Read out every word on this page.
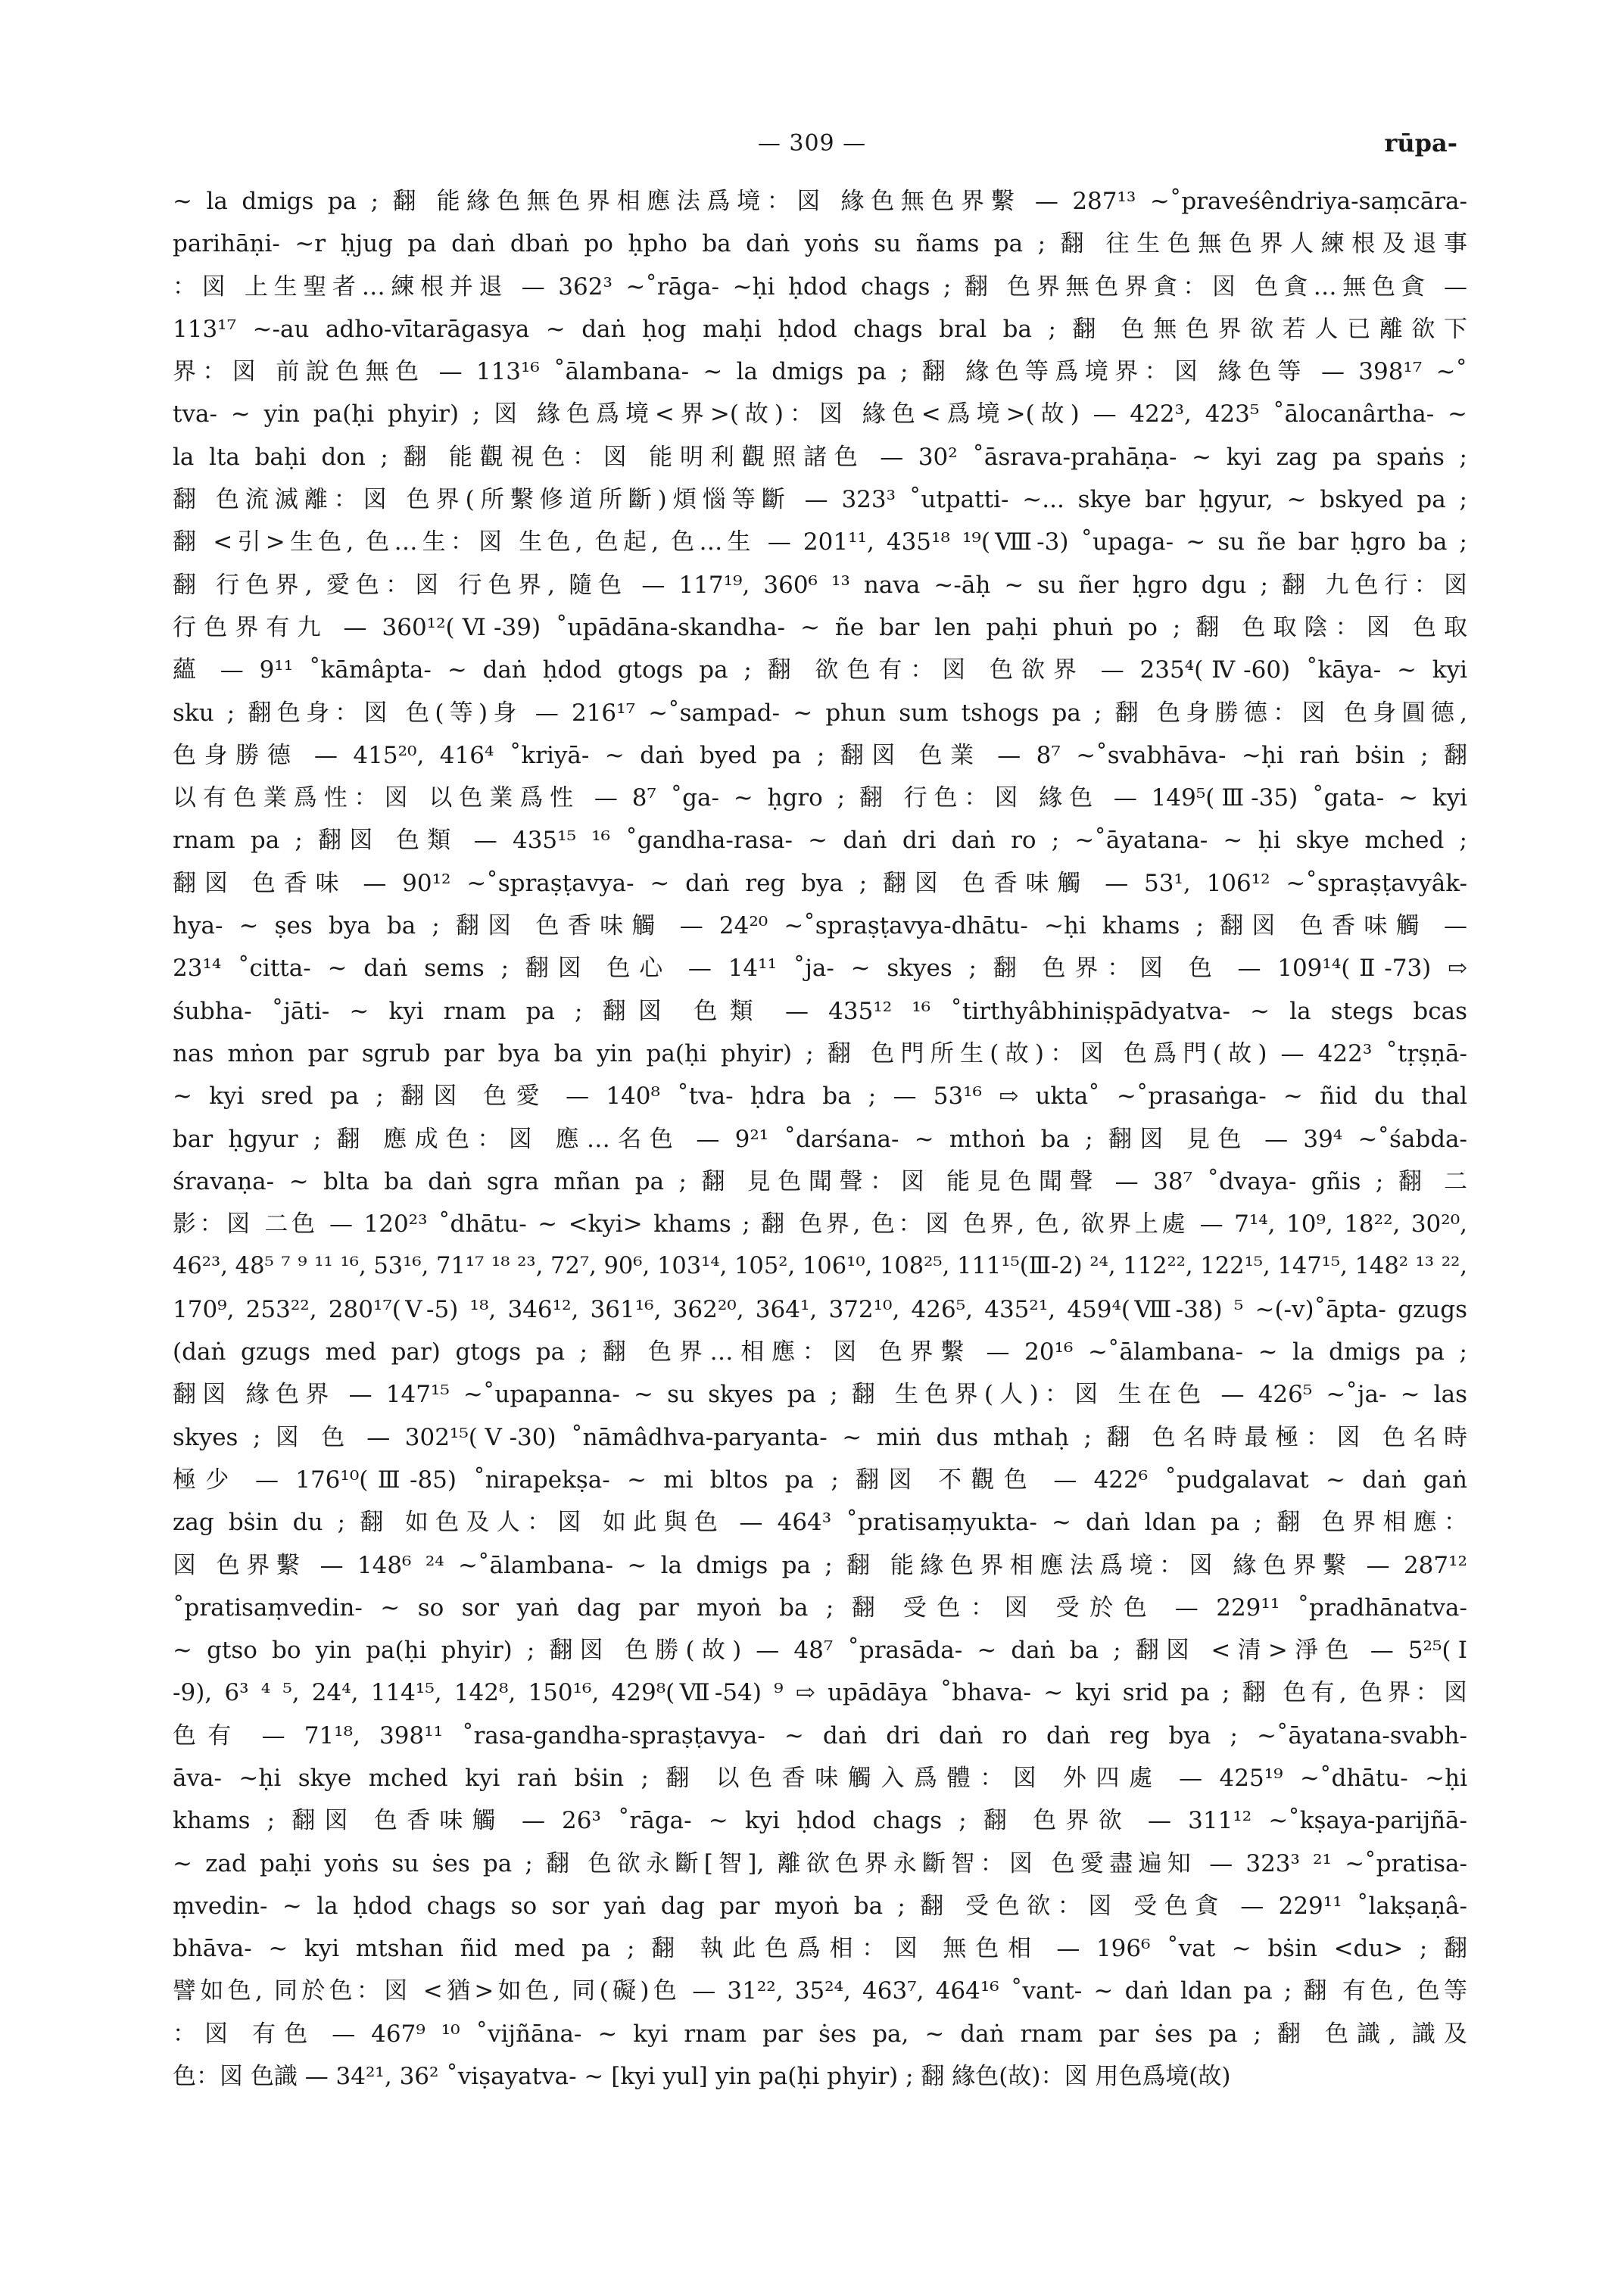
— 309 —	rūpa-
~ la dmigs pa ; 翻 能緣色無色界相應法爲境：図 緣色無色界繫 — 287¹³ ~˚praveśêndriya-saṃcāra-
parihāṇi- ~r ḥjug pa daṅ dbaṅ po ḥpho ba daṅ yoṅs su ñams pa ; 翻 往生色無色界人練根及退事
：図 上生聖者…練根并退 — 362³ ~˚rāga- ~ḥi ḥdod chags ; 翻 色界無色界貪：図 色貪…無色貪 —
113¹⁷ ~-au adho-vītarāgasya ~ daṅ ḥog maḥi ḥdod chags bral ba ; 翻 色無色界欲若人已離欲下
界：図 前說色無色 — 113¹⁶ ˚ālambana- ~ la dmigs pa ; 翻 緣色等爲境界：図 緣色等 — 398¹⁷ ~˚
tva- ~ yin pa(ḥi phyir) ; 図 緣色爲境<界>(故)：図 緣色<爲境>(故) — 422³, 423⁵ ˚ālocanârtha- ~
la lta baḥi don ; 翻 能觀視色：図 能明利觀照諸色 — 30² ˚āsrava-prahāṇa- ~ kyi zag pa spaṅs ;
翻 色流滅離：図 色界(所繫修道所斷)煩惱等斷 — 323³ ˚utpatti- ~... skye bar ḥgyur, ~ bskyed pa ;
翻 <引>生色, 色…生：図 生色, 色起, 色…生 — 201¹¹, 435¹⁸ ¹⁹(Ⅷ-3) ˚upaga- ~ su ñe bar ḥgro ba ;
翻 行色界, 愛色：図 行色界, 隨色 — 117¹⁹, 360⁶ ¹³ nava ~-āḥ ~ su ñer ḥgro dgu ; 翻 九色行：図
行色界有九 — 360¹²(Ⅵ-39) ˚upādāna-skandha- ~ ñe bar len paḥi phuṅ po ; 翻 色取陰：図 色取
蘊 — 9¹¹ ˚kāmâpta- ~ daṅ ḥdod gtogs pa ; 翻 欲色有：図 色欲界 — 235⁴(Ⅳ-60) ˚kāya- ~ kyi
sku ; 翻色身：図 色(等)身 — 216¹⁷ ~˚sampad- ~ phun sum tshogs pa ; 翻 色身勝德：図 色身圓德,
色身勝德 — 415²⁰, 416⁴ ˚kriyā- ~ daṅ byed pa ; 翻図 色業 — 8⁷ ~˚svabhāva- ~ḥi raṅ bṡin ; 翻
以有色業爲性：図 以色業爲性 — 8⁷ ˚ga- ~ ḥgro ; 翻 行色：図 緣色 — 149⁵(Ⅲ-35) ˚gata- ~ kyi
rnam pa ; 翻図 色類 — 435¹⁵ ¹⁶ ˚gandha-rasa- ~ daṅ dri daṅ ro ; ~˚āyatana- ~ ḥi skye mched ;
翻図 色香味 — 90¹² ~˚spraṣṭavya- ~ daṅ reg bya ; 翻図 色香味觸 — 53¹, 106¹² ~˚spraṣṭavyâk-
hya- ~ ṣes bya ba ; 翻図 色香味觸 — 24²⁰ ~˚spraṣṭavya-dhātu- ~ḥi khams ; 翻図 色香味觸 —
23¹⁴ ˚citta- ~ daṅ sems ; 翻図 色心 — 14¹¹ ˚ja- ~ skyes ; 翻 色界：図 色 — 109¹⁴(Ⅱ-73) ⇨
śubha- ˚jāti- ~ kyi rnam pa ; 翻図 色類 — 435¹² ¹⁶ ˚tirthyâbhiniṣpādyatva- ~ la stegs bcas
nas mṅon par sgrub par bya ba yin pa(ḥi phyir) ; 翻 色門所生(故)：図 色爲門(故) — 422³ ˚tṛṣṇā-
~ kyi sred pa ; 翻図 色愛 — 140⁸ ˚tva- ḥdra ba ; — 53¹⁶ ⇨ ukta˚ ~˚prasaṅga- ~ ñid du thal
bar ḥgyur ; 翻 應成色：図 應…名色 — 9²¹ ˚darśana- ~ mthoṅ ba ; 翻図 見色 — 39⁴ ~˚śabda-
śravaṇa- ~ blta ba daṅ sgra mñan pa ; 翻 見色聞聲：図 能見色聞聲 — 38⁷ ˚dvaya- gñis ; 翻 二
影：図 二色 — 120²³ ˚dhātu- ~ <kyi> khams ; 翻 色界, 色：図 色界, 色, 欲界上處 — 7¹⁴, 10⁹, 18²², 30²⁰,
46²³, 48⁵ ⁷ ⁹ ¹¹ ¹⁶, 53¹⁶, 71¹⁷ ¹⁸ ²³, 72⁷, 90⁶, 103¹⁴, 105², 106¹⁰, 108²⁵, 111¹⁵(Ⅲ-2) ²⁴, 112²², 122¹⁵, 147¹⁵, 148² ¹³ ²²,
170⁹, 253²², 280¹⁷(Ⅴ-5) ¹⁸, 346¹², 361¹⁶, 362²⁰, 364¹, 372¹⁰, 426⁵, 435²¹, 459⁴(Ⅷ-38) ⁵ ~(-v)˚āpta- gzugs
(daṅ gzugs med par) gtogs pa ; 翻 色界…相應：図 色界繫 — 20¹⁶ ~˚ālambana- ~ la dmigs pa ;
翻図 緣色界 — 147¹⁵ ~˚upapanna- ~ su skyes pa ; 翻 生色界(人)：図 生在色 — 426⁵ ~˚ja- ~ las
skyes ; 図 色 — 302¹⁵(Ⅴ-30) ˚nāmâdhva-paryanta- ~ miṅ dus mthaḥ ; 翻 色名時最極：図 色名時
極少 — 176¹⁰(Ⅲ-85) ˚nirapekṣa- ~ mi bltos pa ; 翻図 不觀色 — 422⁶ ˚pudgalavat ~ daṅ gaṅ
zag bṡin du ; 翻 如色及人：図 如此與色 — 464³ ˚pratisaṃyukta- ~ daṅ ldan pa ; 翻 色界相應：
図 色界繫 — 148⁶ ²⁴ ~˚ālambana- ~ la dmigs pa ; 翻 能緣色界相應法爲境：図 緣色界繫 — 287¹²
˚pratisaṃvedin- ~ so sor yaṅ dag par myoṅ ba ; 翻 受色：図 受於色 — 229¹¹ ˚pradhānatva-
~ gtso bo yin pa(ḥi phyir) ; 翻図 色勝(故) — 48⁷ ˚prasāda- ~ daṅ ba ; 翻図 <清>淨色 — 5²⁵(Ⅰ
-9), 6³ ⁴ ⁵, 24⁴, 114¹⁵, 142⁸, 150¹⁶, 429⁸(Ⅶ-54) ⁹ ⇨ upādāya ˚bhava- ~ kyi srid pa ; 翻 色有, 色界：図
色有 — 71¹⁸, 398¹¹ ˚rasa-gandha-spraṣṭavya- ~ daṅ dri daṅ ro daṅ reg bya ; ~˚āyatana-svabh-
āva- ~ḥi skye mched kyi raṅ bṡin ; 翻 以色香味觸入爲體：図 外四處 — 425¹⁹ ~˚dhātu- ~ḥi
khams ; 翻図 色香味觸 — 26³ ˚rāga- ~ kyi ḥdod chags ; 翻 色界欲 — 311¹² ~˚kṣaya-parijñā-
~ zad paḥi yoṅs su ṡes pa ; 翻 色欲永斷[智], 離欲色界永斷智：図 色愛盡遍知 — 323³ ²¹ ~˚pratisa-
ṃvedin- ~ la ḥdod chags so sor yaṅ dag par myoṅ ba ; 翻 受色欲：図 受色貪 — 229¹¹ ˚lakṣaṇâ-
bhāva- ~ kyi mtshan ñid med pa ; 翻 執此色爲相：図 無色相 — 196⁶ ˚vat ~ bṡin <du> ; 翻
譬如色, 同於色：図 <猶>如色, 同(礙)色 — 31²², 35²⁴, 463⁷, 464¹⁶ ˚vant- ~ daṅ ldan pa ; 翻 有色, 色等
：図 有色 — 467⁹ ¹⁰ ˚vijñāna- ~ kyi rnam par ṡes pa, ~ daṅ rnam par ṡes pa ; 翻 色識, 識及
色：図 色識 — 34²¹, 36² ˚viṣayatva- ~ [kyi yul] yin pa(ḥi phyir) ; 翻 緣色(故)：図 用色爲境(故)
